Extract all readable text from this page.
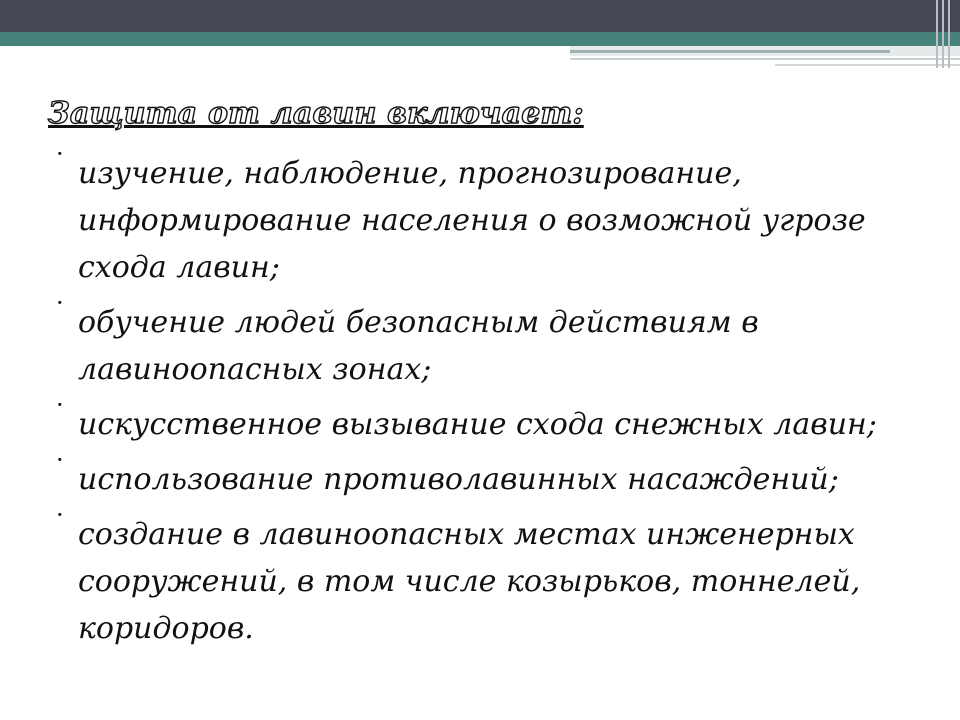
Защита от лавин включает:
·
изучение, наблюдение, прогнозирование, информирование населения о возможной угрозе схода лавин;
·
обучение людей безопасным действиям в лавиноопасных зонах;
·
искусственное вызывание схода снежных лавин;
·
использование противолавинных насаждений;
·
создание в лавиноопасных местах инженерных сооружений, в том числе козырьков, тоннелей, коридоров.
